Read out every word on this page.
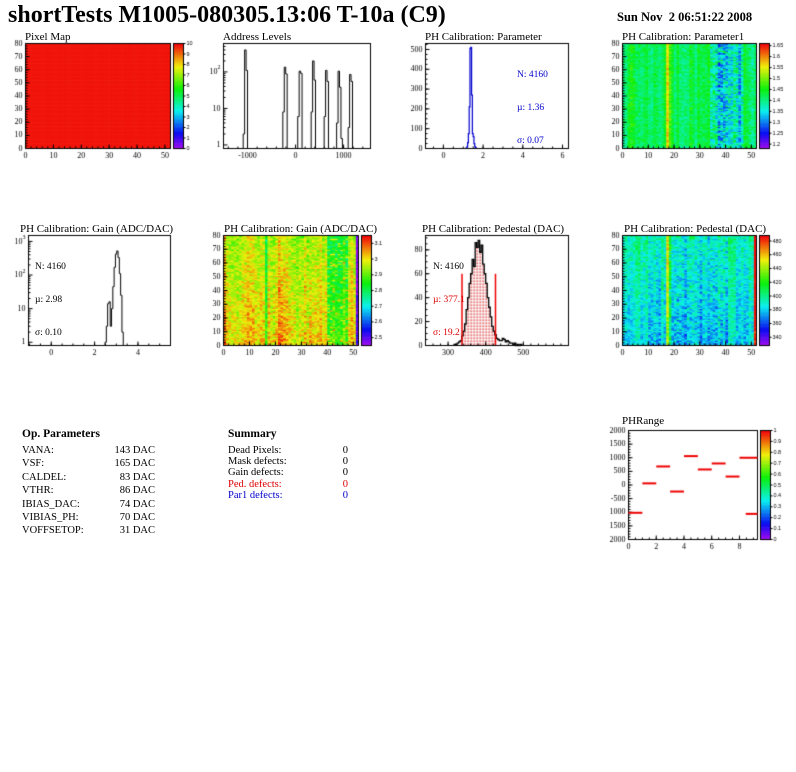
shortTests M1005-080305.13:06 T-10a (C9)	Sun Nov  2 06:51:22 2008

N: 4160

µ: 1.36

σ: 0.07

N: 4160

µ: 2.98

σ: 0.10

N: 4160

µ: 377.1

σ: 19.2

Op. Parameters
VANA:	143 DAC
VSF:	165 DAC
CALDEL:	83 DAC
VTHR:	86 DAC
IBIAS_DAC:	74 DAC
VIBIAS_PH:	70 DAC
VOFFSETOP:	31 DAC
Summary
Dead Pixels:	0
Mask defects:	0
Gain defects:	0
Ped. defects:	0
Par1 defects:	0
